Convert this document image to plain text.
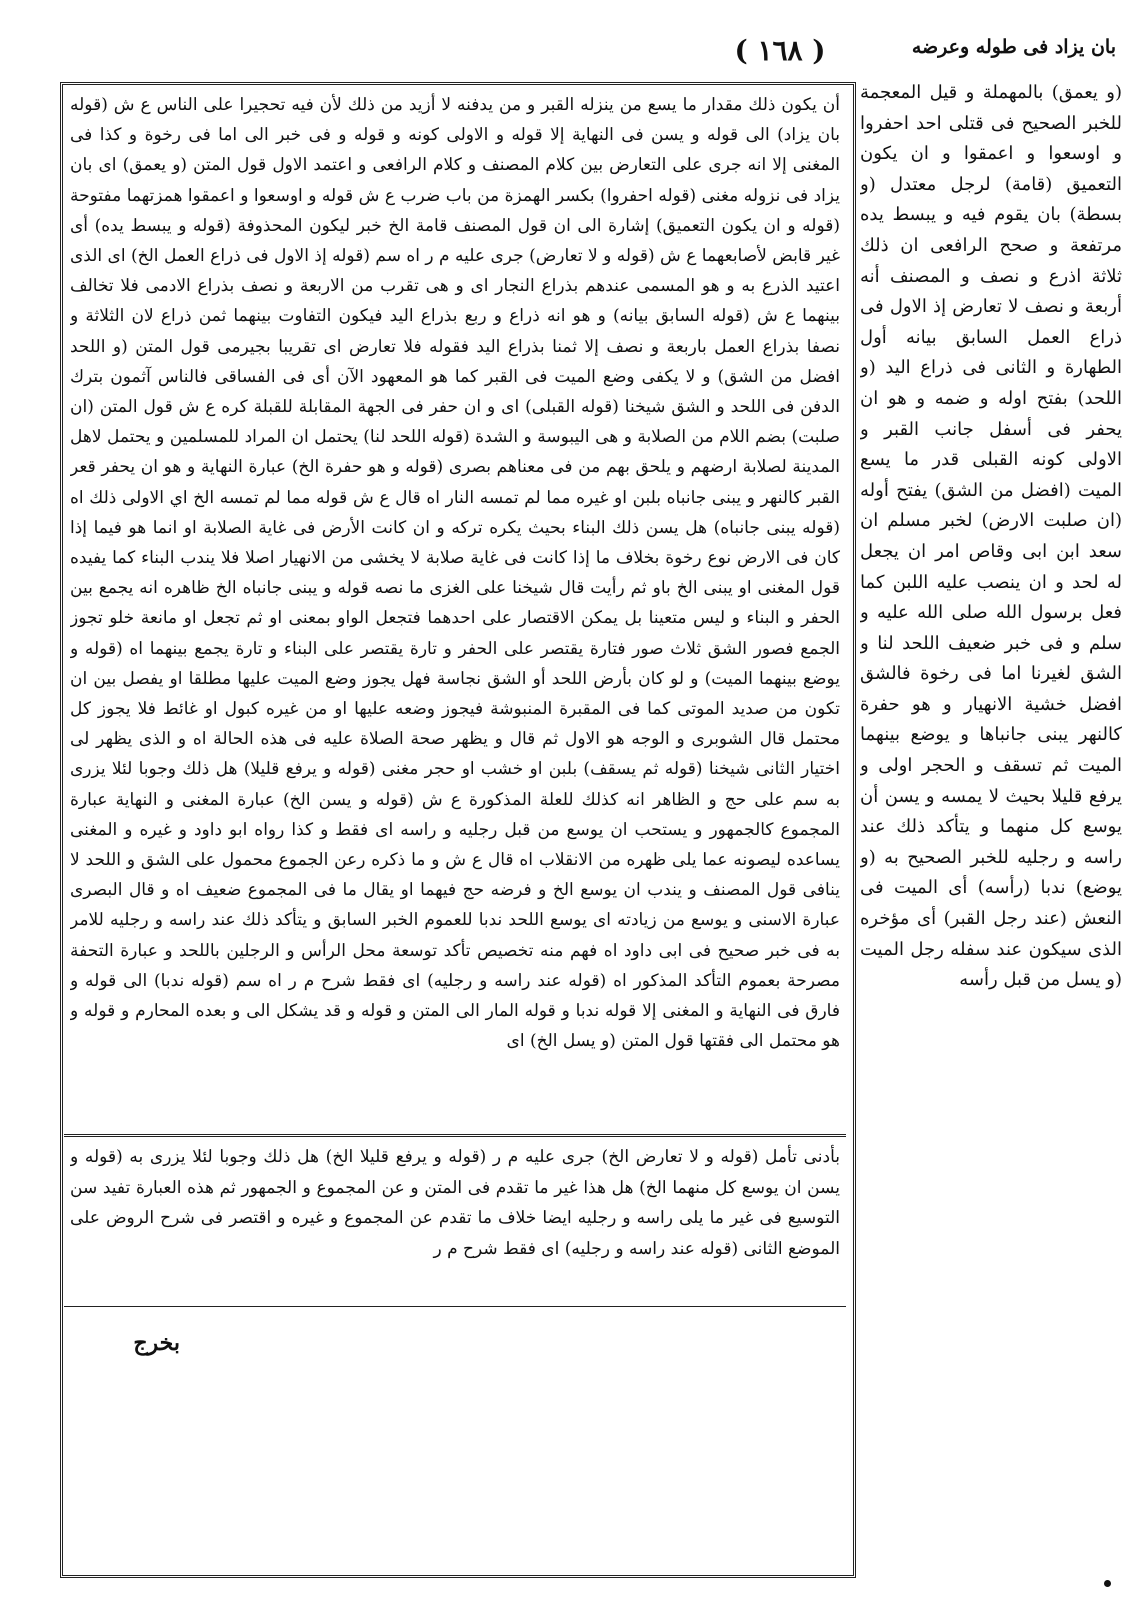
( ١٦٨ )	بان يزاد فى طوله وعرضه

أن يكون ذلك مقدار ما يسع من ينزله القبر و من يدفنه لا أزيد من ذلك لأن فيه تحجيرا على الناس ع ش (قوله بان يزاد) الى قوله و يسن فى النهاية إلا قوله و الاولى كونه و قوله و فى خبر الى اما فى رخوة و كذا فى المغنى إلا انه جرى على التعارض بين كلام المصنف و كلام الرافعى و اعتمد الاول قول المتن (و يعمق) اى بان يزاد فى نزوله مغنى (قوله احفروا) بكسر الهمزة من باب ضرب ع ش قوله و اوسعوا و اعمقوا همزتهما مفتوحة (قوله و ان يكون التعميق) إشارة الى ان قول المصنف قامة الخ خبر ليكون المحذوفة (قوله و يبسط يده) أى غير قابض لأصابعهما ع ش (قوله و لا تعارض) جرى عليه م ر اه سم (قوله إذ الاول فى ذراع العمل الخ) اى الذى اعتيد الذرع به و هو المسمى عندهم بذراع النجار اى و هى تقرب من الاربعة و نصف بذراع الادمى فلا تخالف بينهما ع ش (قوله السابق بيانه) و هو انه ذراع و ربع بذراع اليد فيكون التفاوت بينهما ثمن ذراع لان الثلاثة و نصفا بذراع العمل باربعة و نصف إلا ثمنا بذراع اليد فقوله فلا تعارض اى تقريبا بجيرمى قول المتن (و اللحد افضل من الشق) و لا يكفى وضع الميت فى القبر كما هو المعهود الآن أى فى الفساقى فالناس آثمون بترك الدفن فى اللحد و الشق شيخنا (قوله القبلى) اى و ان حفر فى الجهة المقابلة للقبلة كره ع ش قول المتن (ان صلبت) بضم اللام من الصلابة و هى اليبوسة و الشدة (قوله اللحد لنا) يحتمل ان المراد للمسلمين و يحتمل لاهل المدينة لصلابة ارضهم و يلحق بهم من فى معناهم بصرى (قوله و هو حفرة الخ) عبارة النهاية و هو ان يحفر قعر القبر كالنهر و يبنى جانباه بلبن او غيره مما لم تمسه النار اه قال ع ش قوله مما لم تمسه الخ اي الاولى ذلك اه (قوله يبنى جانباه) هل يسن ذلك البناء بحيث يكره تركه و ان كانت الأرض فى غاية الصلابة او انما هو فيما إذا كان فى الارض نوع رخوة بخلاف ما إذا كانت فى غاية صلابة لا يخشى من الانهيار اصلا فلا يندب البناء كما يفيده قول المغنى او يبنى الخ باو ثم رأيت قال شيخنا على الغزى ما نصه قوله و يبنى جانباه الخ ظاهره انه يجمع بين الحفر و البناء و ليس متعينا بل يمكن الاقتصار على احدهما فتجعل الواو بمعنى او ثم تجعل او مانعة خلو تجوز الجمع فصور الشق ثلاث صور فتارة يقتصر على الحفر و تارة يقتصر على البناء و تارة يجمع بينهما اه (قوله و يوضع بينهما الميت) و لو كان بأرض اللحد أو الشق نجاسة فهل يجوز وضع الميت عليها مطلقا او يفصل بين ان تكون من صديد الموتى كما فى المقبرة المنبوشة فيجوز وضعه عليها او من غيره كبول او غائط فلا يجوز كل محتمل قال الشوبرى و الوجه هو الاول ثم قال و يظهر صحة الصلاة عليه فى هذه الحالة اه و الذى يظهر لى اختيار الثانى شيخنا (قوله ثم يسقف) بلبن او خشب او حجر مغنى (قوله و يرفع قليلا) هل ذلك وجوبا لئلا يزرى به سم على حج و الظاهر انه كذلك للعلة المذكورة ع ش (قوله و يسن الخ) عبارة المغنى و النهاية عبارة المجموع كالجمهور و يستحب ان يوسع من قبل رجليه و راسه اى فقط و كذا رواه ابو داود و غيره و المغنى يساعده ليصونه عما يلى ظهره من الانقلاب اه قال ع ش و ما ذكره رعن الجموع محمول على الشق و اللحد لا ينافى قول المصنف و يندب ان يوسع الخ و فرضه حج فيهما او يقال ما فى المجموع ضعيف اه و قال البصرى عبارة الاسنى و يوسع من زيادته اى يوسع اللحد ندبا للعموم الخبر السابق و يتأكد ذلك عند راسه و رجليه للامر به فى خبر صحيح فى ابى داود اه فهم منه تخصيص تأكد توسعة محل الرأس و الرجلين باللحد و عبارة التحفة مصرحة بعموم التأكد المذكور اه (قوله عند راسه و رجليه) اى فقط شرح م ر اه سم (قوله ندبا) الى قوله و فارق فى النهاية و المغنى إلا قوله ندبا و قوله المار الى المتن و قوله و قد يشكل الى و بعده المحارم و قوله و هو محتمل الى فقتها قول المتن (و يسل الخ) اى

بأدنى تأمل (قوله و لا تعارض الخ) جرى عليه م ر (قوله و يرفع قليلا الخ) هل ذلك وجوبا لئلا يزرى به (قوله و يسن ان يوسع كل منهما الخ) هل هذا غير ما تقدم فى المتن و عن المجموع و الجمهور ثم هذه العبارة تفيد سن التوسيع فى غير ما يلى راسه و رجليه ايضا خلاف ما تقدم عن المجموع و غيره و اقتصر فى شرح الروض على الموضع الثانى (قوله عند راسه و رجليه) اى فقط شرح م ر

(و يعمق) بالمهملة و قيل المعجمة للخبر الصحيح فى قتلى احد احفروا و اوسعوا و اعمقوا و ان يكون التعميق (قامة) لرجل معتدل (و بسطة) بان يقوم فيه و يبسط يده مرتفعة و صحح الرافعى ان ذلك ثلاثة اذرع و نصف و المصنف أنه أربعة و نصف لا تعارض إذ الاول فى ذراع العمل السابق بيانه أول الطهارة و الثانى فى ذراع اليد (و اللحد) بفتح اوله و ضمه و هو ان يحفر فى أسفل جانب القبر و الاولى كونه القبلى قدر ما يسع الميت (افضل من الشق) يفتح أوله (ان صلبت الارض) لخبر مسلم ان سعد ابن ابى وقاص امر ان يجعل له لحد و ان ينصب عليه اللبن كما فعل برسول الله صلى الله عليه و سلم و فى خبر ضعيف اللحد لنا و الشق لغيرنا اما فى رخوة فالشق افضل خشية الانهيار و هو حفرة كالنهر يبنى جانباها و يوضع بينهما الميت ثم تسقف و الحجر اولى و يرفع قليلا بحيث لا يمسه و يسن أن يوسع كل منهما و يتأكد ذلك عند راسه و رجليه للخبر الصحيح به (و يوضع) ندبا (رأسه) أى الميت فى النعش (عند رجل القبر) أى مؤخره الذى سيكون عند سفله رجل الميت (و يسل من قبل رأسه

بخرج
